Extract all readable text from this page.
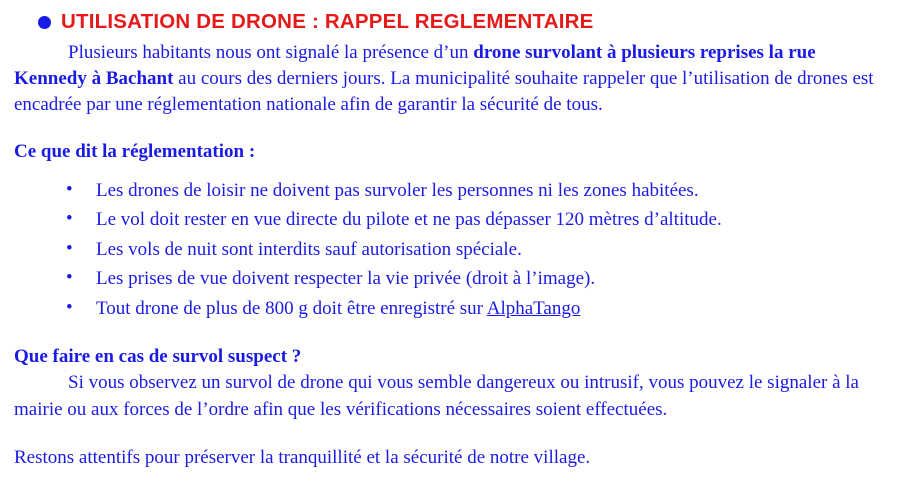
UTILISATION DE DRONE : RAPPEL REGLEMENTAIRE

Plusieurs habitants nous ont signalé la présence d’un drone survolant à plusieurs reprises la rue Kennedy à Bachant au cours des derniers jours. La municipalité souhaite rappeler que l’utilisation de drones est encadrée par une réglementation nationale afin de garantir la sécurité de tous.

Ce que dit la réglementation :

• Les drones de loisir ne doivent pas survoler les personnes ni les zones habitées.
• Le vol doit rester en vue directe du pilote et ne pas dépasser 120 mètres d’altitude.
• Les vols de nuit sont interdits sauf autorisation spéciale.
• Les prises de vue doivent respecter la vie privée (droit à l’image).
• Tout drone de plus de 800 g doit être enregistré sur AlphaTango

Que faire en cas de survol suspect ?

Si vous observez un survol de drone qui vous semble dangereux ou intrusif, vous pouvez le signaler à la mairie ou aux forces de l’ordre afin que les vérifications nécessaires soient effectuées.

Restons attentifs pour préserver la tranquillité et la sécurité de notre village.
